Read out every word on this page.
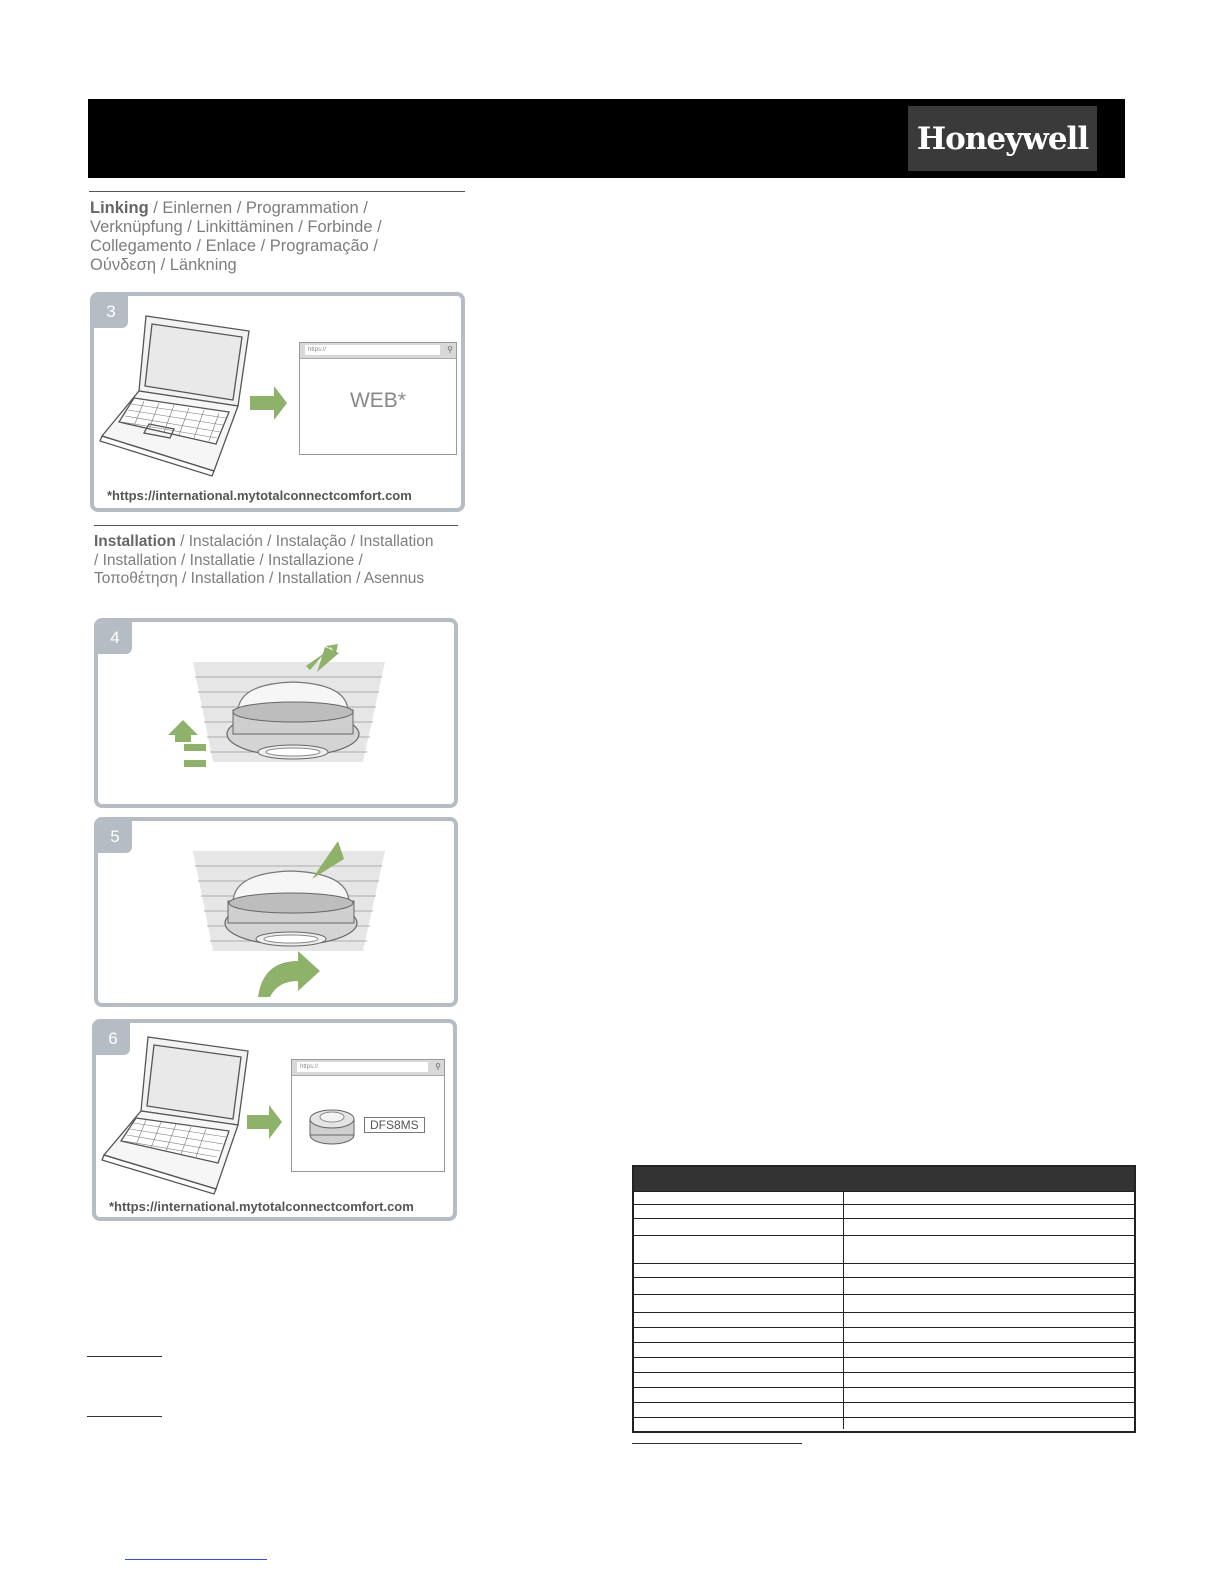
Honeywell
Linking / Einlernen / Programmation /
Verknüpfung / Linkittäminen / Forbinde /
Collegamento / Enlace / Programação /
Ούνδεση / Länkning
3
https://	⚲
WEB*
*https://international.mytotalconnectcomfort.com
Installation / Instalación / Instalação / Installation
/ Installation / Installatie / Installazione /
Τοποθέτηση / Installation / Installation / Asennus
4
5
6
https://	⚲
DFS8MS
*https://international.mytotalconnectcomfort.com
